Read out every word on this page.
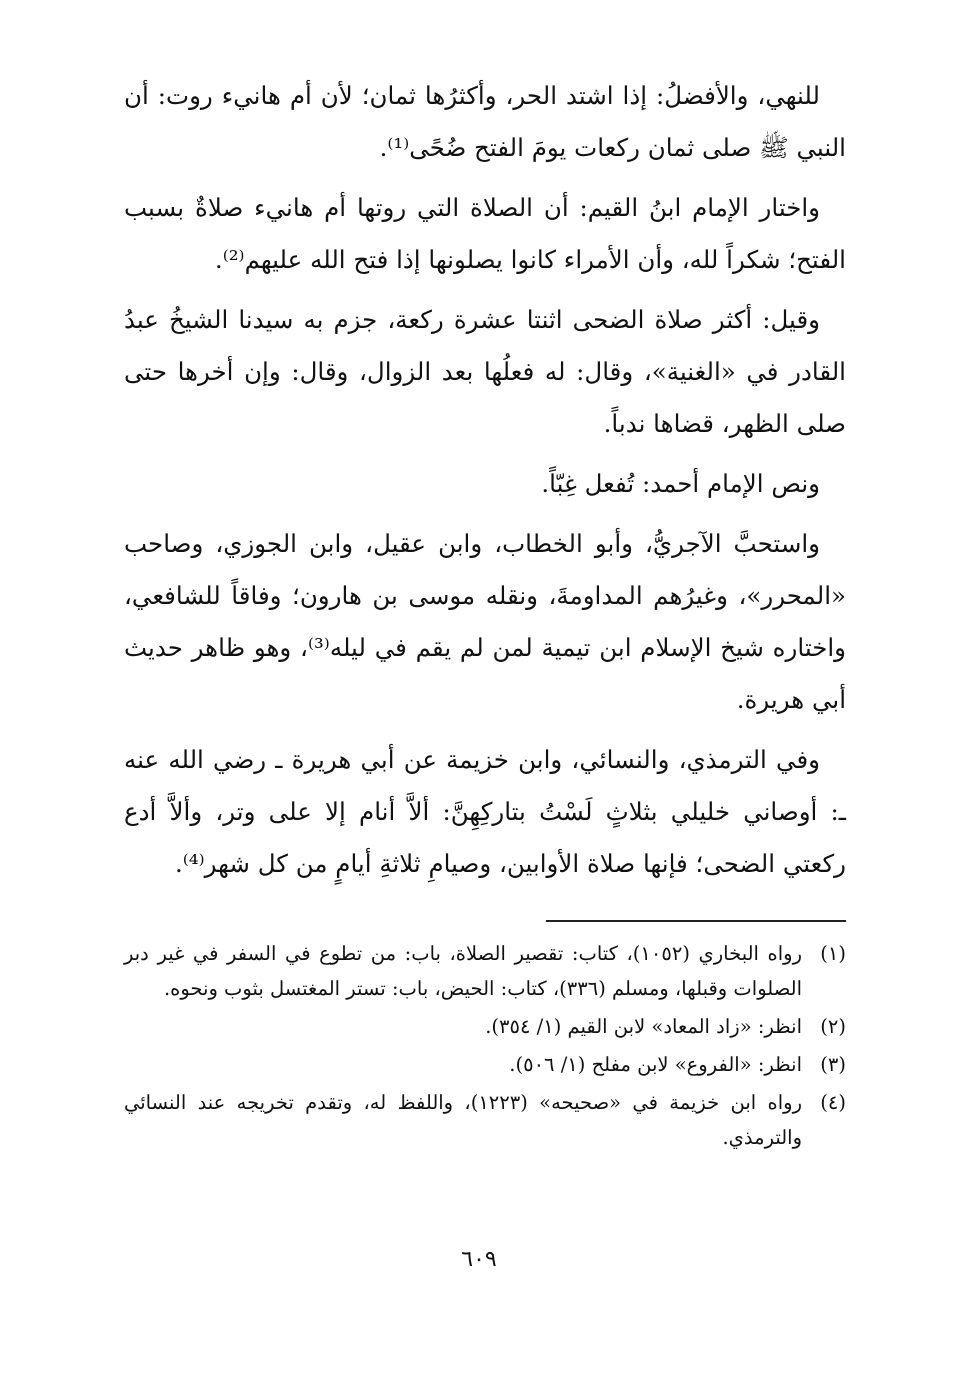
للنهي، والأفضلُ: إذا اشتد الحر، وأكثرُها ثمان؛ لأن أم هانيء روت: أن النبي ﷺ صلى ثمان ركعات يومَ الفتح ضُحًى⁽¹⁾.

واختار الإمام ابنُ القيم: أن الصلاة التي روتها أم هانيء صلاةٌ بسبب الفتح؛ شكراً لله، وأن الأمراء كانوا يصلونها إذا فتح الله عليهم⁽²⁾.

وقيل: أكثر صلاة الضحى اثنتا عشرة ركعة، جزم به سيدنا الشيخُ عبدُ القادر في «الغنية»، وقال: له فعلُها بعد الزوال، وقال: وإن أخرها حتى صلى الظهر، قضاها ندباً.

ونص الإمام أحمد: تُفعل غِبّاً.

واستحبَّ الآجريُّ، وأبو الخطاب، وابن عقيل، وابن الجوزي، وصاحب «المحرر»، وغيرُهم المداومةَ، ونقله موسى بن هارون؛ وفاقاً للشافعي، واختاره شيخ الإسلام ابن تيمية لمن لم يقم في ليله⁽³⁾، وهو ظاهر حديث أبي هريرة.

وفي الترمذي، والنسائي، وابن خزيمة عن أبي هريرة ـ رضي الله عنه ـ: أوصاني خليلي بثلاثٍ لَسْتُ بتاركِهِنَّ: ألاَّ أنام إلا على وتر، وألاَّ أدع ركعتي الضحى؛ فإنها صلاة الأوابين، وصيامِ ثلاثةِ أيامٍ من كل شهر⁽⁴⁾.

(١)
رواه البخاري (١٠٥٢)، كتاب: تقصير الصلاة، باب: من تطوع في السفر في غير دبر الصلوات وقبلها، ومسلم (٣٣٦)، كتاب: الحيض، باب: تستر المغتسل بثوب ونحوه.
(٢)
انظر: «زاد المعاد» لابن القيم (١/ ٣٥٤).
(٣)
انظر: «الفروع» لابن مفلح (١/ ٥٠٦).
(٤)
رواه ابن خزيمة في «صحيحه» (١٢٢٣)، واللفظ له، وتقدم تخريجه عند النسائي والترمذي.
٦٠٩
